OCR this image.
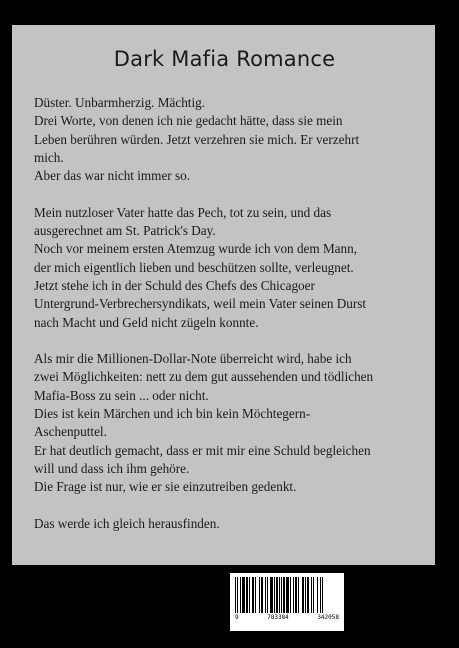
Dark Mafia Romance

Düster. Unbarmherzig. Mächtig.
Drei Worte, von denen ich nie gedacht hätte, dass sie mein
Leben berühren würden. Jetzt verzehren sie mich. Er verzehrt
mich.
Aber das war nicht immer so.

Mein nutzloser Vater hatte das Pech, tot zu sein, und das
ausgerechnet am St. Patrick's Day.
Noch vor meinem ersten Atemzug wurde ich von dem Mann,
der mich eigentlich lieben und beschützen sollte, verleugnet.
Jetzt stehe ich in der Schuld des Chefs des Chicagoer
Untergrund-Verbrechersyndikats, weil mein Vater seinen Durst
nach Macht und Geld nicht zügeln konnte.

Als mir die Millionen-Dollar-Note überreicht wird, habe ich
zwei Möglichkeiten: nett zu dem gut aussehenden und tödlichen
Mafia-Boss zu sein ... oder nicht.
Dies ist kein Märchen und ich bin kein Möchtegern-
Aschenputtel.
Er hat deutlich gemacht, dass er mit mir eine Schuld begleichen
will und dass ich ihm gehöre.
Die Frage ist nur, wie er sie einzutreiben gedenkt.

Das werde ich gleich herausfinden.

9	783384	342058
